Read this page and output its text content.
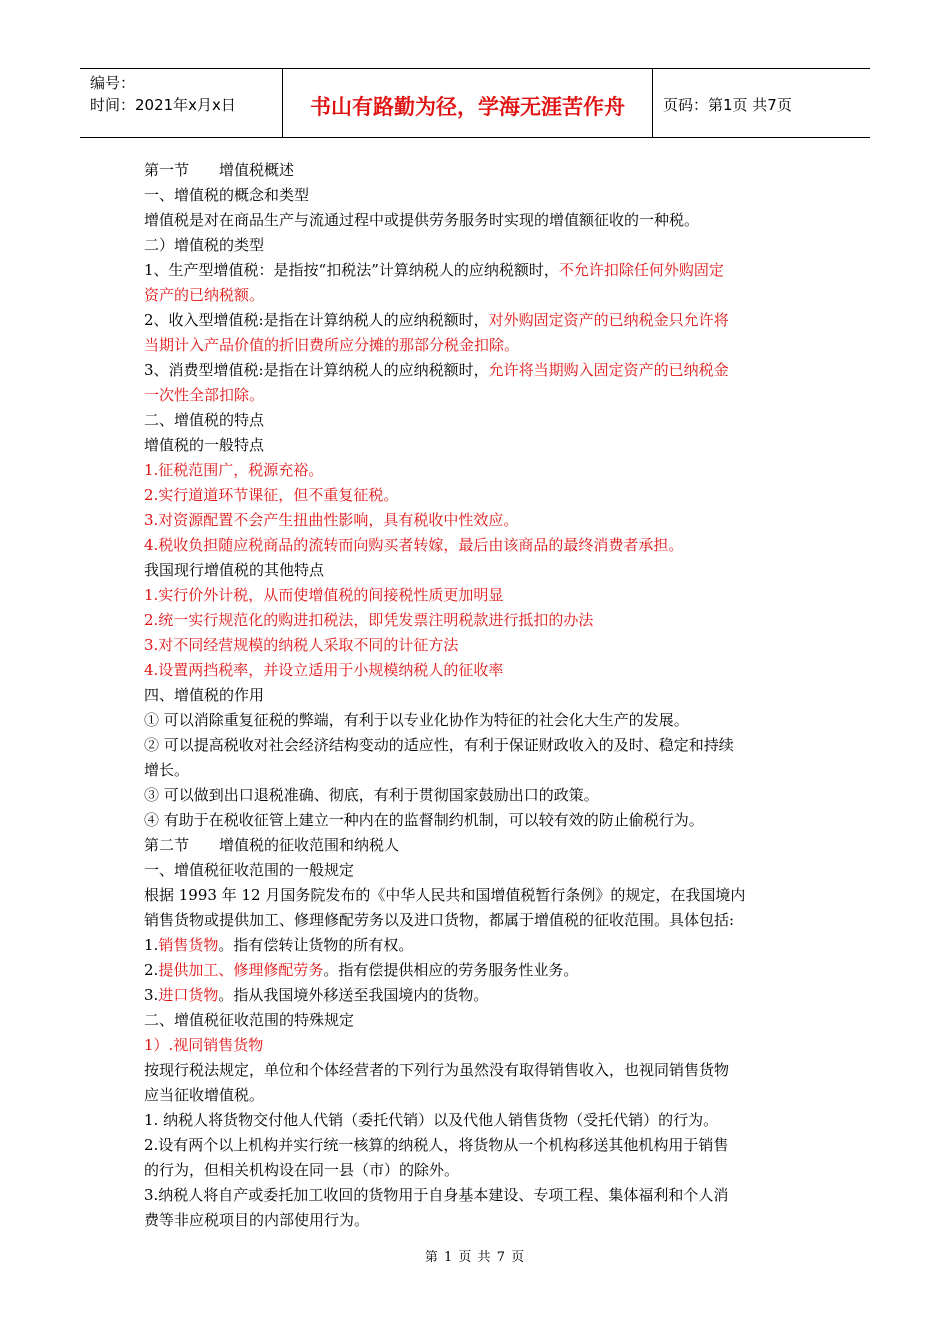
编号：
时间：2021年x月x日	书山有路勤为径，学海无涯苦作舟	页码：第1页 共7页

第一节　　增值税概述

一、增值税的概念和类型

增值税是对在商品生产与流通过程中或提供劳务服务时实现的增值额征收的一种税。

二）增值税的类型

1、生产型增值税：是指按“扣税法”计算纳税人的应纳税额时，不允许扣除任何外购固定

资产的已纳税额。

2、收入型增值税:是指在计算纳税人的应纳税额时，对外购固定资产的已纳税金只允许将

当期计入产品价值的折旧费所应分摊的那部分税金扣除。

3、消费型增值税:是指在计算纳税人的应纳税额时，允许将当期购入固定资产的已纳税金

一次性全部扣除。

二、增值税的特点

增值税的一般特点

1.征税范围广，税源充裕。

2.实行道道环节课征，但不重复征税。

3.对资源配置不会产生扭曲性影响，具有税收中性效应。

4.税收负担随应税商品的流转而向购买者转嫁，最后由该商品的最终消费者承担。

我国现行增值税的其他特点

1.实行价外计税，从而使增值税的间接税性质更加明显

2.统一实行规范化的购进扣税法，即凭发票注明税款进行抵扣的办法

3.对不同经营规模的纳税人采取不同的计征方法

4.设置两挡税率，并设立适用于小规模纳税人的征收率

四、增值税的作用

① 可以消除重复征税的弊端，有利于以专业化协作为特征的社会化大生产的发展。

② 可以提高税收对社会经济结构变动的适应性，有利于保证财政收入的及时、稳定和持续

增长。

③ 可以做到出口退税准确、彻底，有利于贯彻国家鼓励出口的政策。

④ 有助于在税收征管上建立一种内在的监督制约机制，可以较有效的防止偷税行为。

第二节　　增值税的征收范围和纳税人

一、增值税征收范围的一般规定

根据 1993 年 12 月国务院发布的《中华人民共和国增值税暂行条例》的规定，在我国境内

销售货物或提供加工、修理修配劳务以及进口货物，都属于增值税的征收范围。具体包括:

1.销售货物。指有偿转让货物的所有权。

2.提供加工、修理修配劳务。指有偿提供相应的劳务服务性业务。

3.进口货物。指从我国境外移送至我国境内的货物。

二、增值税征收范围的特殊规定

1）.视同销售货物

按现行税法规定，单位和个体经营者的下列行为虽然没有取得销售收入，也视同销售货物

应当征收增值税。

1. 纳税人将货物交付他人代销（委托代销）以及代他人销售货物（受托代销）的行为。

2.设有两个以上机构并实行统一核算的纳税人，将货物从一个机构移送其他机构用于销售

的行为，但相关机构设在同一县（市）的除外。

3.纳税人将自产或委托加工收回的货物用于自身基本建设、专项工程、集体福利和个人消

费等非应税项目的内部使用行为。

第 1 页 共 7 页
